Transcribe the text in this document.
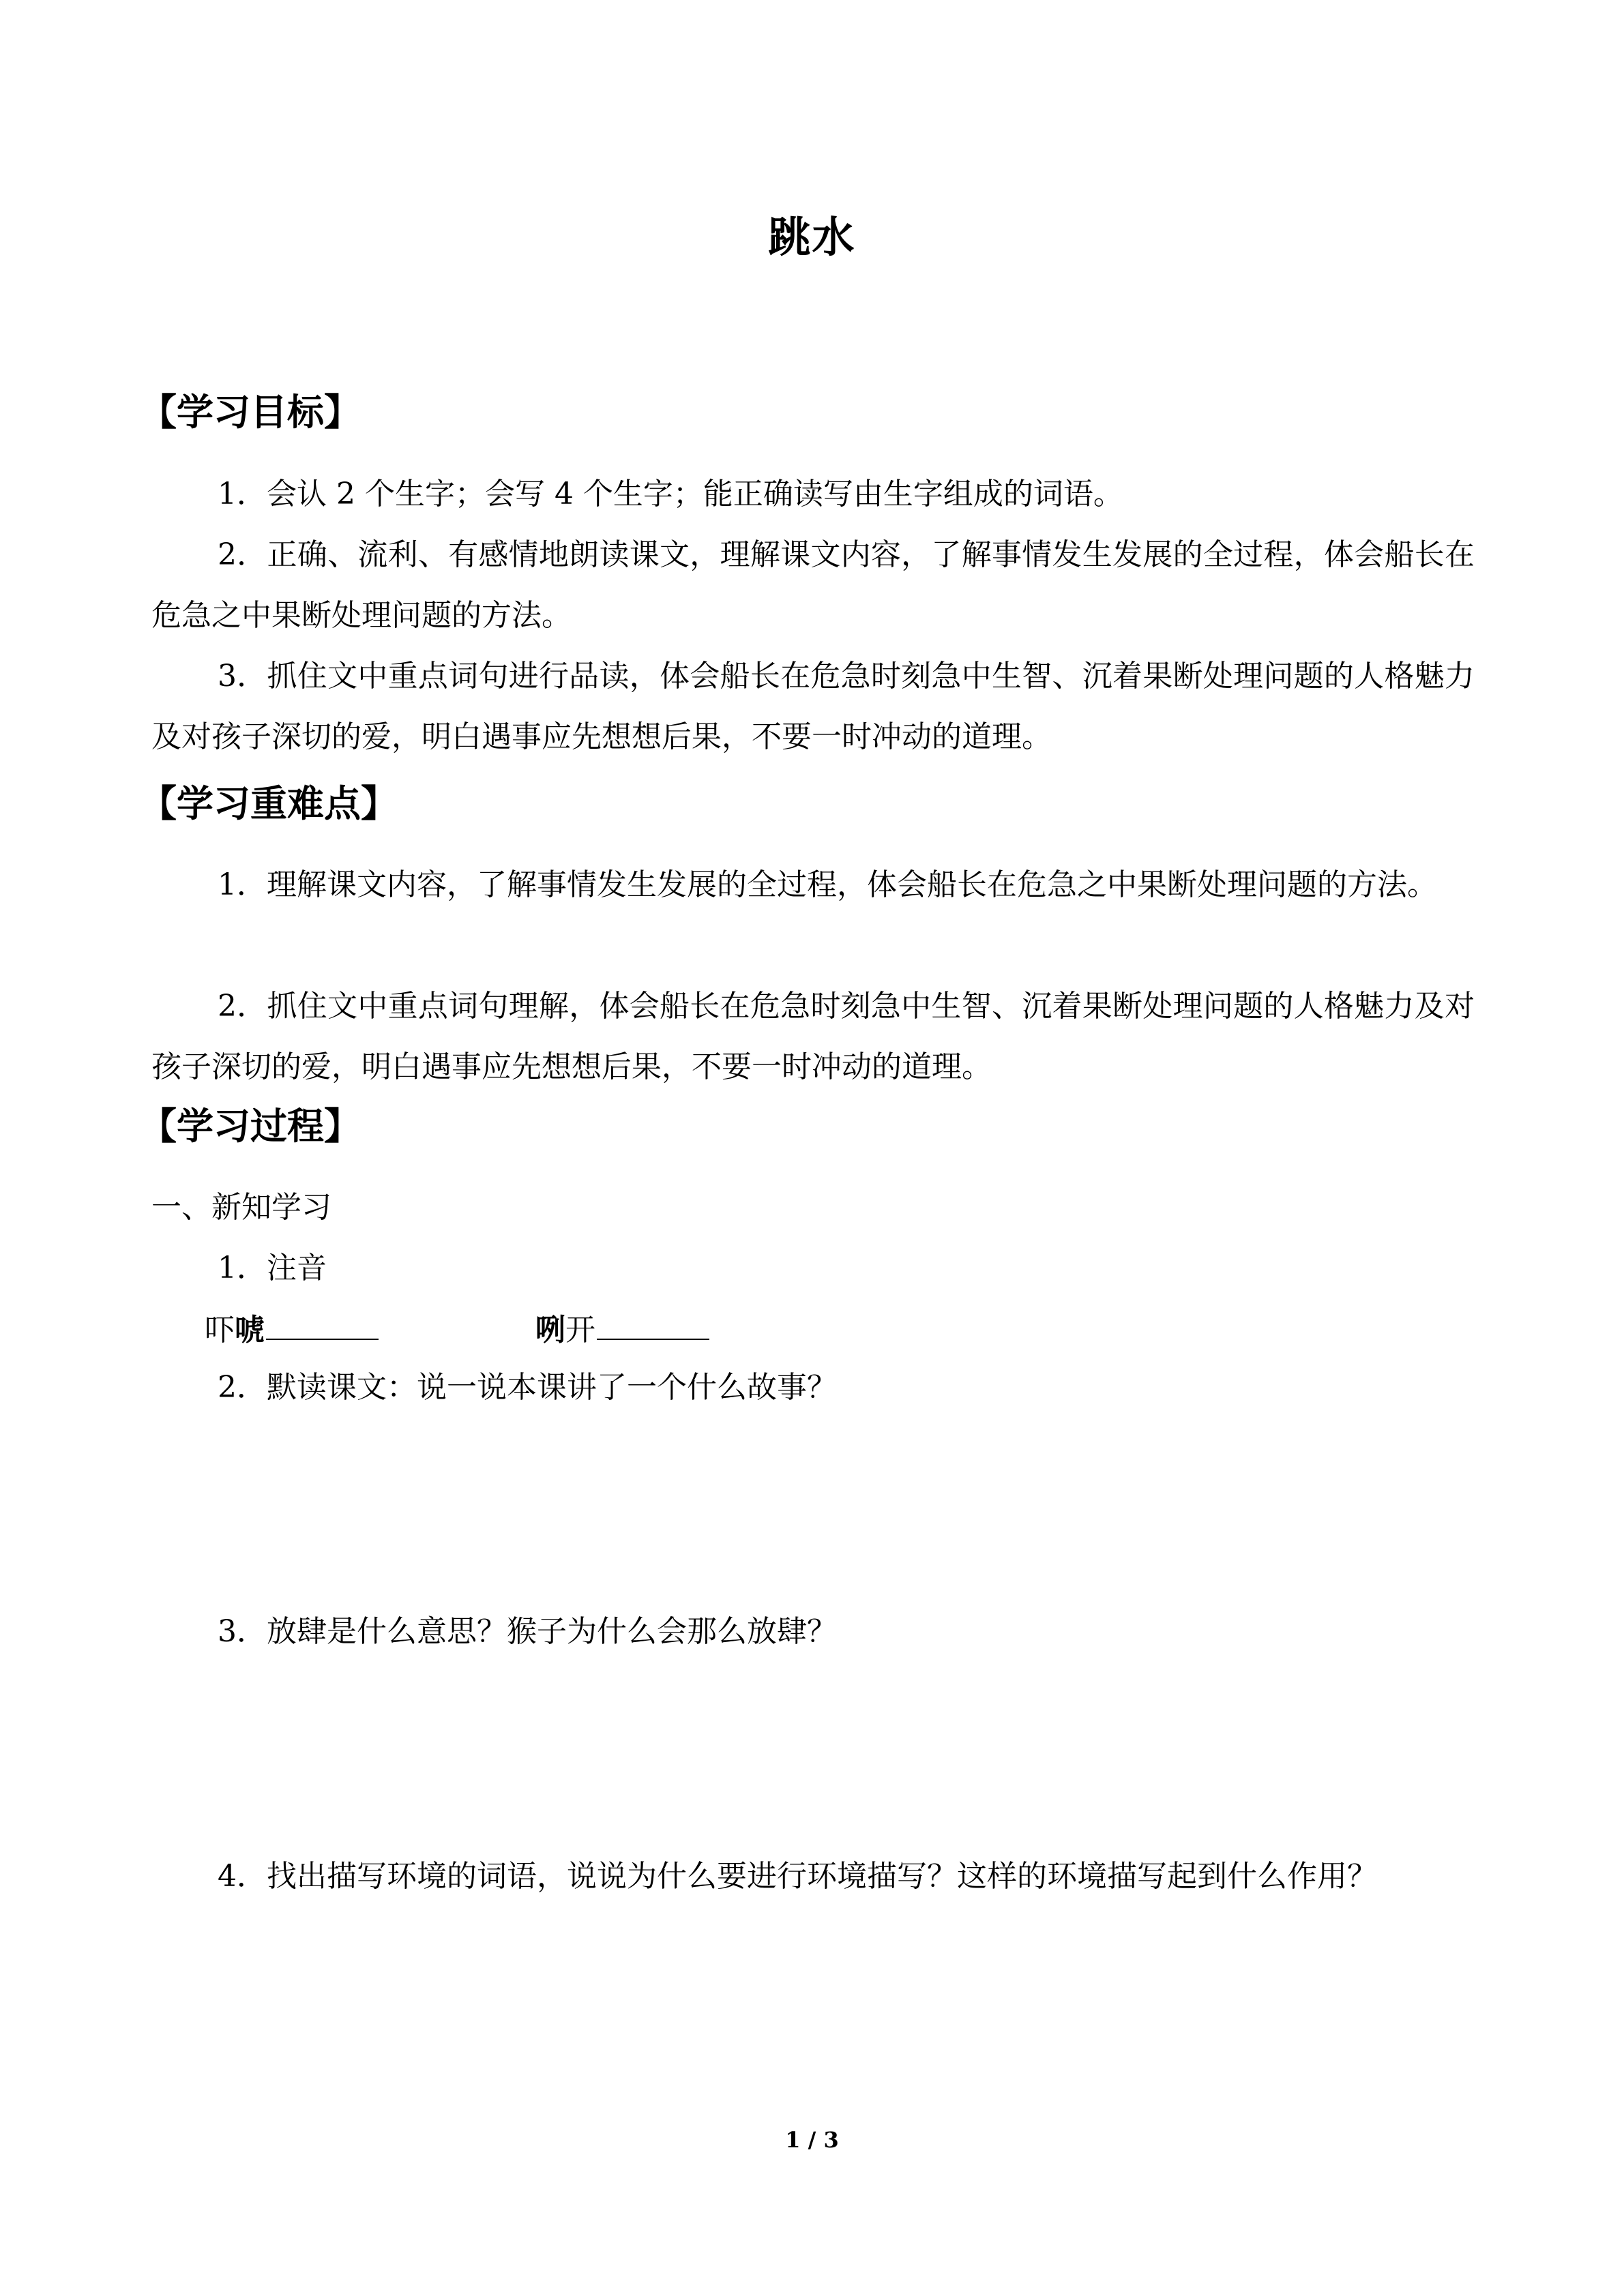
跳水
【学习目标】
1．会认 2 个生字；会写 4 个生字；能正确读写由生字组成的词语。
2．正确、流利、有感情地朗读课文，理解课文内容，了解事情发生发展的全过程，体会船长在危急之中果断处理问题的方法。
3．抓住文中重点词句进行品读，体会船长在危急时刻急中生智、沉着果断处理问题的人格魅力及对孩子深切的爱，明白遇事应先想想后果，不要一时冲动的道理。
【学习重难点】
1．理解课文内容，了解事情发生发展的全过程，体会船长在危急之中果断处理问题的方法。
2．抓住文中重点词句理解，体会船长在危急时刻急中生智、沉着果断处理问题的人格魅力及对孩子深切的爱，明白遇事应先想想后果，不要一时冲动的道理。
【学习过程】
一、新知学习
1．注音
吓唬	咧开
2．默读课文：说一说本课讲了一个什么故事？
3．放肆是什么意思？猴子为什么会那么放肆？
4．找出描写环境的词语，说说为什么要进行环境描写？这样的环境描写起到什么作用？
1 / 3
